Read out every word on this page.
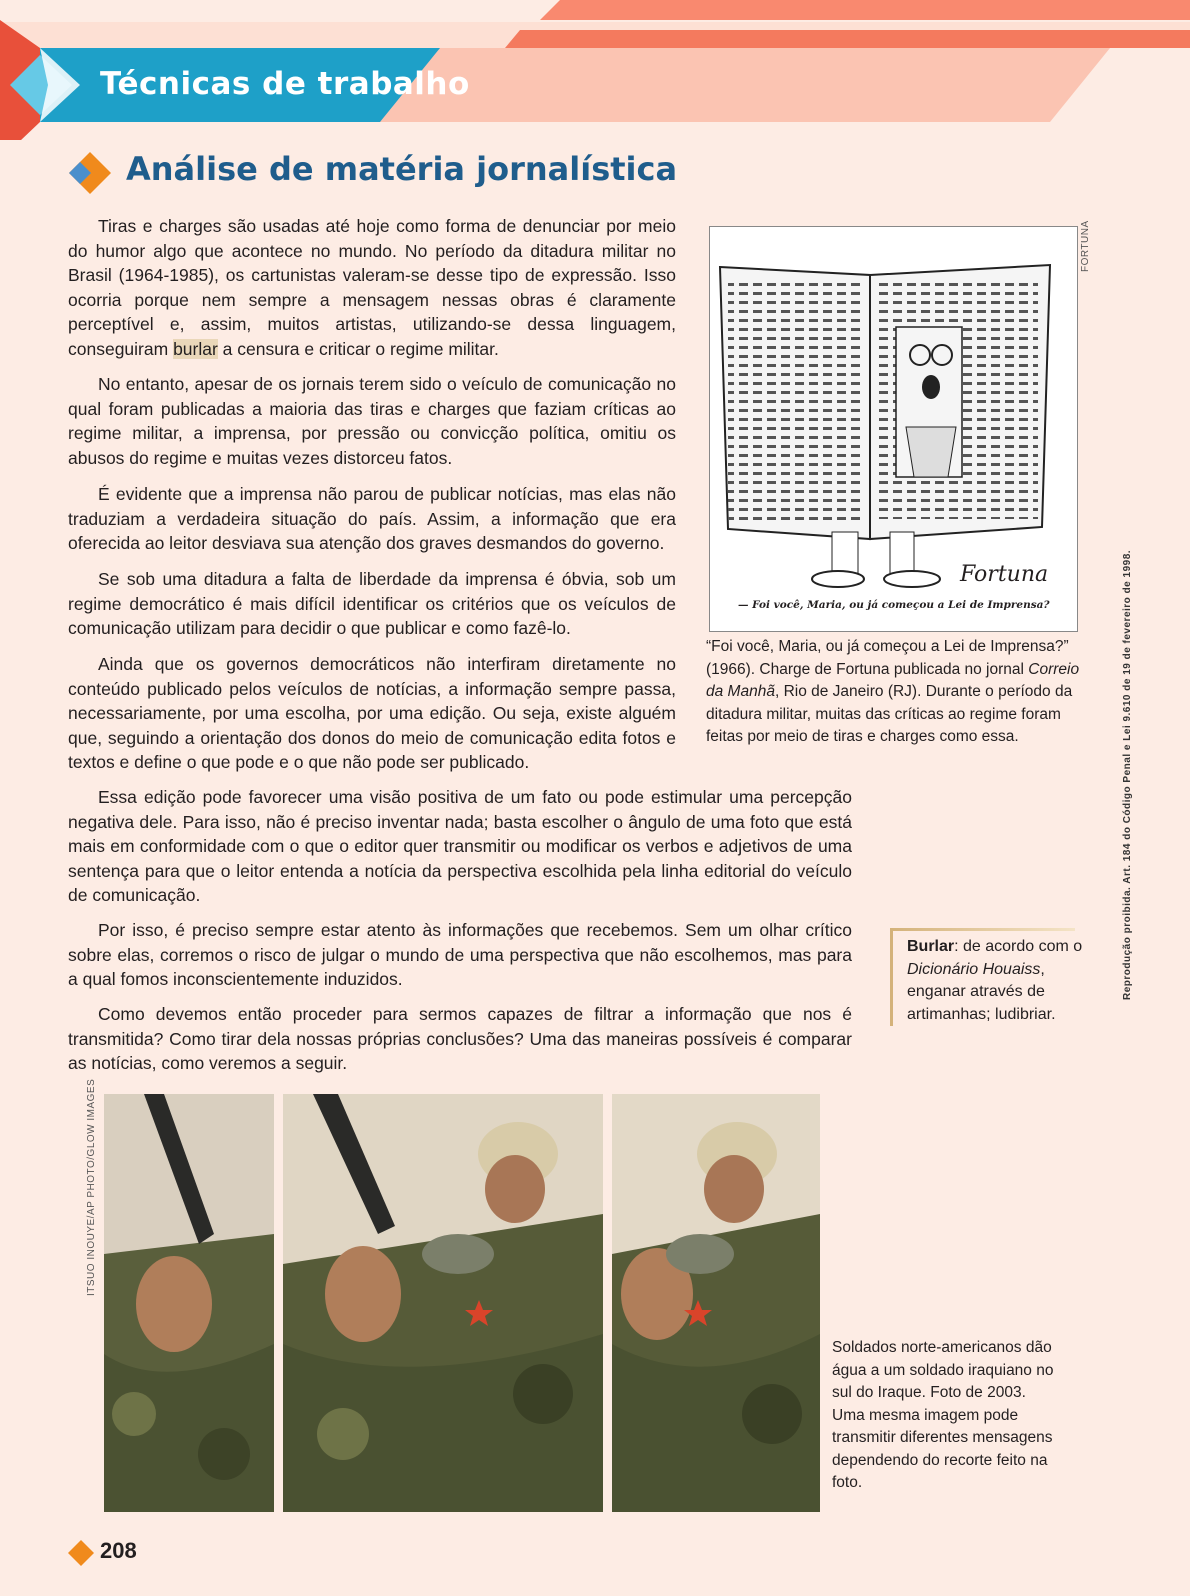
Técnicas de trabalho
Análise de matéria jornalística

Tiras e charges são usadas até hoje como forma de denunciar por meio do humor algo que acontece no mundo. No período da ditadura militar no Brasil (1964-1985), os cartunistas valeram-se desse tipo de expressão. Isso ocorria porque nem sempre a mensagem nessas obras é claramente perceptível e, assim, muitos artistas, utilizando-se dessa linguagem, conseguiram burlar a censura e criticar o regime militar.

No entanto, apesar de os jornais terem sido o veículo de comunicação no qual foram publicadas a maioria das tiras e charges que faziam críticas ao regime militar, a imprensa, por pressão ou convicção política, omitiu os abusos do regime e muitas vezes distorceu fatos.

É evidente que a imprensa não parou de publicar notícias, mas elas não traduziam a verdadeira situação do país. Assim, a informação que era oferecida ao leitor desviava sua atenção dos graves desmandos do governo.

Se sob uma ditadura a falta de liberdade da imprensa é óbvia, sob um regime democrático é mais difícil identificar os critérios que os veículos de comunicação utilizam para decidir o que publicar e como fazê-lo.

Ainda que os governos democráticos não interfiram diretamente no conteúdo publicado pelos veículos de notícias, a informação sempre passa, necessariamente, por uma escolha, por uma edição. Ou seja, existe alguém que, seguindo a orientação dos donos do meio de comunicação edita fotos e textos e define o que pode e o que não pode ser publicado.

Essa edição pode favorecer uma visão positiva de um fato ou pode estimular uma percepção negativa dele. Para isso, não é preciso inventar nada; basta escolher o ângulo de uma foto que está mais em conformidade com o que o editor quer transmitir ou modificar os verbos e adjetivos de uma sentença para que o leitor entenda a notícia da perspectiva escolhida pela linha editorial do veículo de comunicação.

Por isso, é preciso sempre estar atento às informações que recebemos. Sem um olhar crítico sobre elas, corremos o risco de julgar o mundo de uma perspectiva que não escolhemos, mas para a qual fomos inconscientemente induzidos.

Como devemos então proceder para sermos capazes de filtrar a informação que nos é transmitida? Como tirar dela nossas próprias conclusões? Uma das maneiras possíveis é comparar as notícias, como veremos a seguir.

FORTUNA
Fortuna
— Foi você, Maria, ou já começou a Lei de Imprensa?

“Foi você, Maria, ou já começou a Lei de Imprensa?” (1966). Charge de Fortuna publicada no jornal Correio da Manhã, Rio de Janeiro (RJ). Durante o período da ditadura militar, muitas das críticas ao regime foram feitas por meio de tiras e charges como essa.

Burlar: de acordo com o Dicionário Houaiss, enganar através de artimanhas; ludibriar.
Reprodução proibida. Art. 184 do Código Penal e Lei 9.610 de 19 de fevereiro de 1998.
ITSUO INOUYE/AP PHOTO/GLOW IMAGES

Soldados norte-americanos dão água a um soldado iraquiano no sul do Iraque. Foto de 2003. Uma mesma imagem pode transmitir diferentes mensagens dependendo do recorte feito na foto.

208
